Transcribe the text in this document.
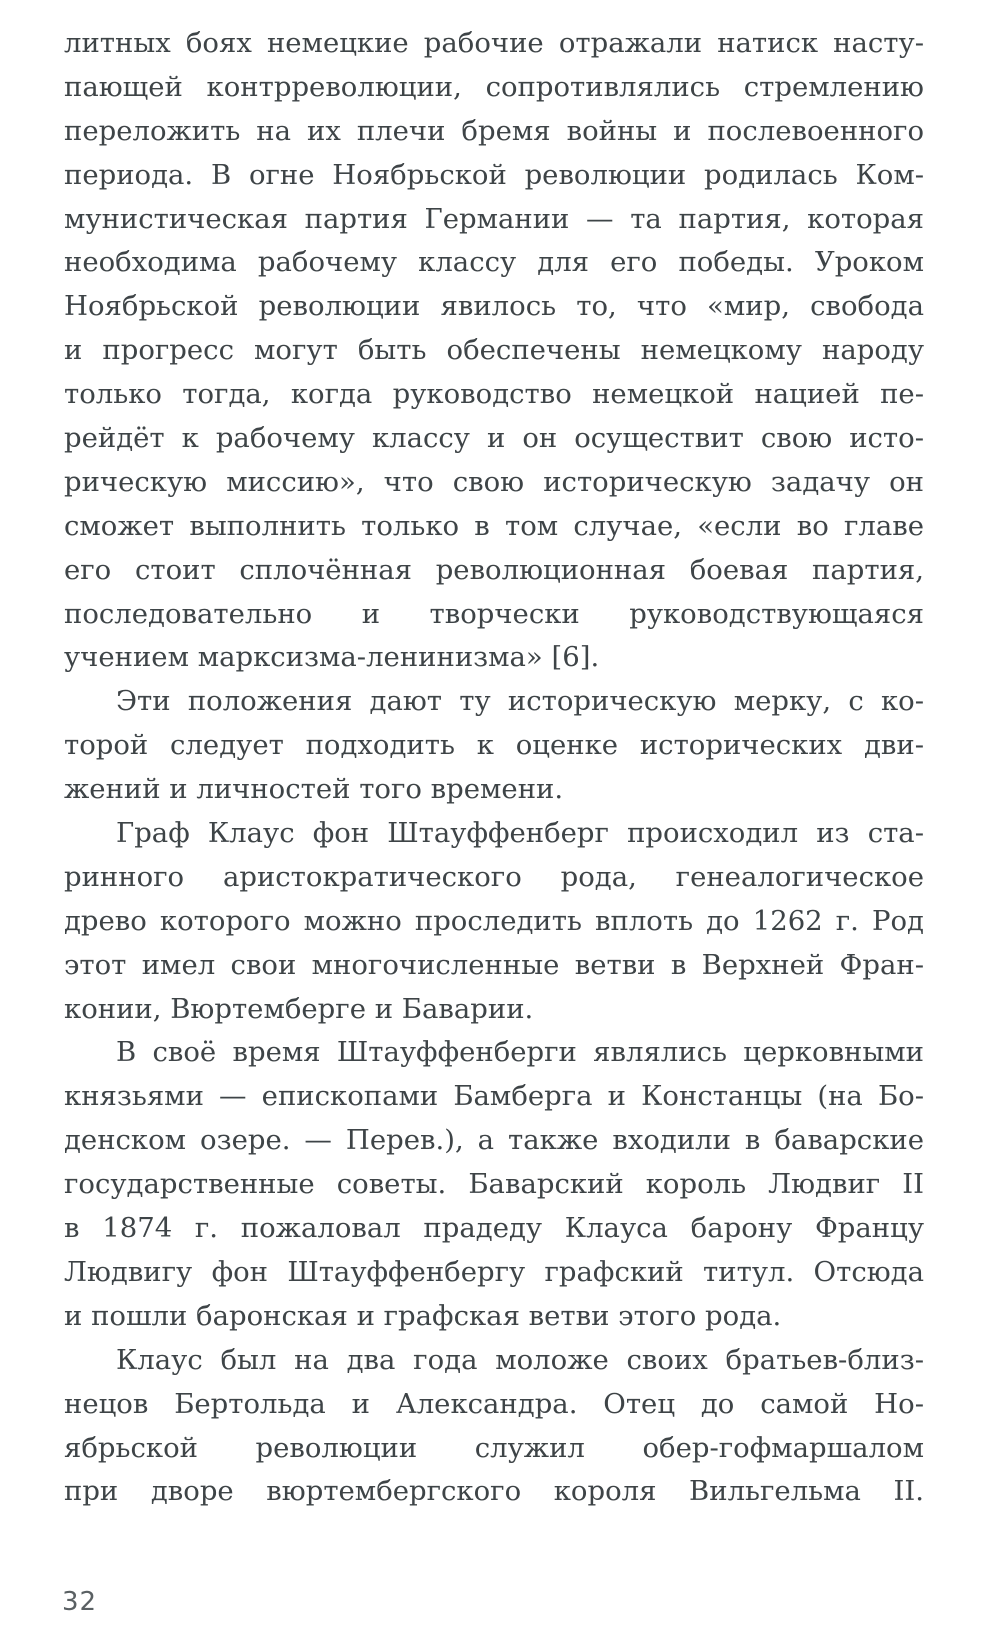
литных боях немецкие рабочие отражали натиск насту-
пающей контрреволюции, сопротивлялись стремлению
переложить на их плечи бремя войны и послевоенного
периода. В огне Ноябрьской революции родилась Ком-
мунистическая партия Германии — та партия, которая
необходима рабочему классу для его победы. Уроком
Ноябрьской революции явилось то, что «мир, свобода
и прогресс могут быть обеспечены немецкому народу
только тогда, когда руководство немецкой нацией пе-
рейдёт к рабочему классу и он осуществит свою исто-
рическую миссию», что свою историческую задачу он
сможет выполнить только в том случае, «если во главе
его стоит сплочённая революционная боевая партия,
последовательно и творчески руководствующаяся
учением марксизма-ленинизма» [6].
Эти положения дают ту историческую мерку, с ко-
торой следует подходить к оценке исторических дви-
жений и личностей того времени.
Граф Клаус фон Штауффенберг происходил из ста-
ринного аристократического рода, генеалогическое
древо которого можно проследить вплоть до 1262 г. Род
этот имел свои многочисленные ветви в Верхней Фран-
конии, Вюртемберге и Баварии.
В своё время Штауффенберги являлись церковными
князьями — епископами Бамберга и Констанцы (на Бо-
денском озере. — Перев.), а также входили в баварские
государственные советы. Баварский король Людвиг II
в 1874 г. пожаловал прадеду Клауса барону Францу
Людвигу фон Штауффенбергу графский титул. Отсюда
и пошли баронская и графская ветви этого рода.
Клаус был на два года моложе своих братьев-близ-
нецов Бертольда и Александра. Отец до самой Но-
ябрьской революции служил обер-гофмаршалом
при дворе вюртембергского короля Вильгельма II.
32
